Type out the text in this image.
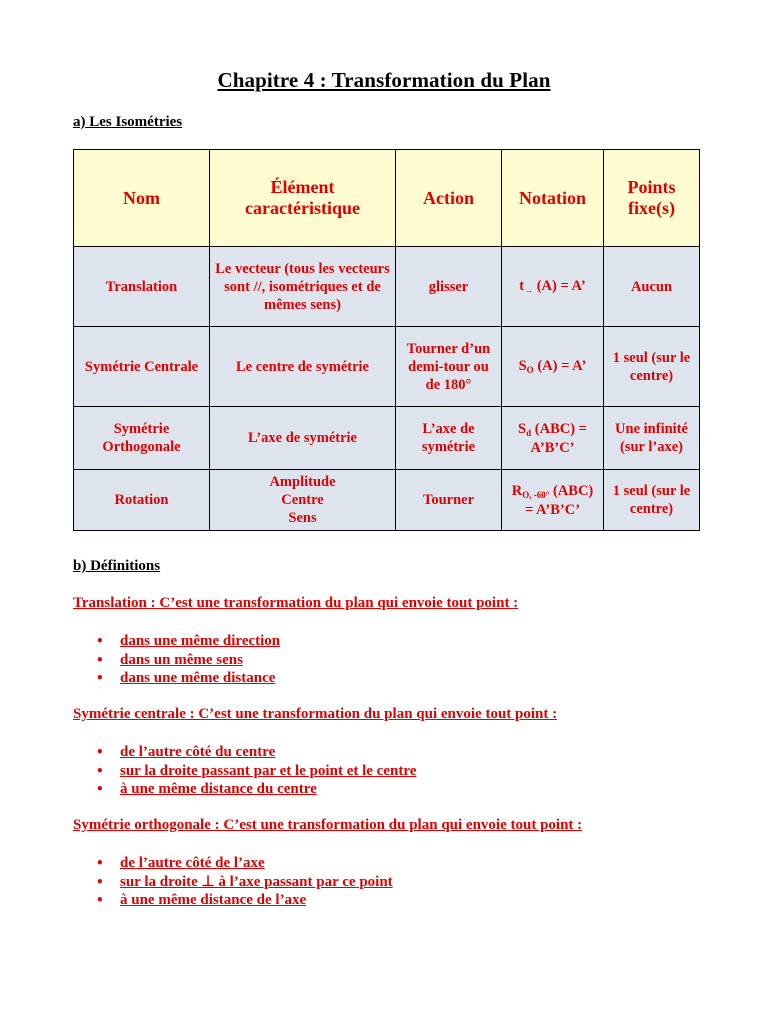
Chapitre 4 : Transformation du Plan
a) Les Isométries
Nom	Élément caractéristique	Action	Notation	Points fixe(s)
Translation	Le vecteur (tous les vecteurs sont //, isométriques et de mêmes sens)	glisser	$t_\to$ (A) = A’	Aucun
Symétrie Centrale	Le centre de symétrie	Tourner d’un demi-tour ou de 180°	$S_O$ (A) = A’	1 seul (sur le centre)
Symétrie Orthogonale	L’axe de symétrie	L’axe de symétrie	$S_d$ (ABC) = A’B’C’	Une infinité (sur l’axe)
Rotation	Amplitude
Centre
Sens	Tourner	$R_{O, -60^\circ}$ (ABC) = A’B’C’	1 seul (sur le centre)
b) Définitions
Translation : C’est une transformation du plan qui envoie tout point :
• dans une même direction
• dans un même sens
• dans une même distance
Symétrie centrale : C’est une transformation du plan qui envoie tout point :
• de l’autre côté du centre
• sur la droite passant par et le point et le centre
• à une même distance du centre
Symétrie orthogonale : C’est une transformation du plan qui envoie tout point :
• de l’autre côté de l’axe
• sur la droite ⊥ à l’axe passant par ce point
• à une même distance de l’axe
